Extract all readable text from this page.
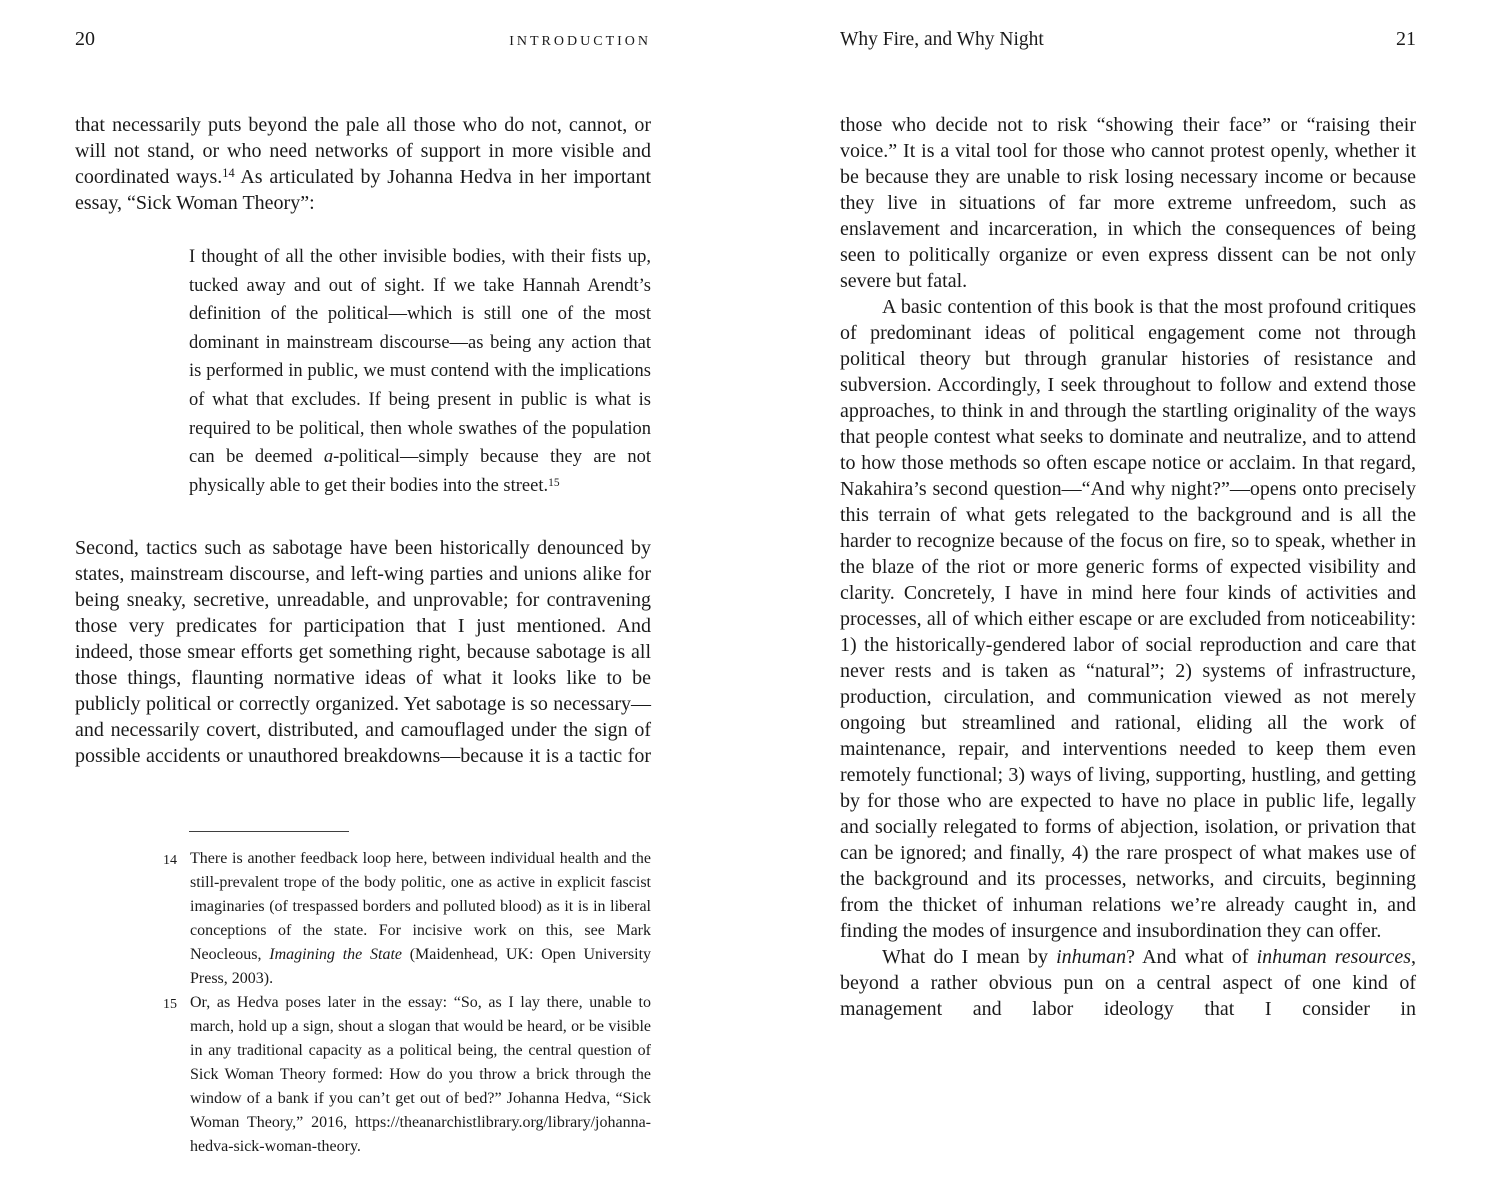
20	INTRODUCTION

that necessarily puts beyond the pale all those who do not, cannot, or will not stand, or who need networks of support in more visible and coordinated ways.$^{14}$ As articulated by Johanna Hedva in her important essay, “Sick Woman Theory”:

I thought of all the other invisible bodies, with their fists up, tucked away and out of sight. If we take Hannah Arendt’s definition of the political—which is still one of the most dominant in mainstream discourse—as being any action that is performed in public, we must contend with the implications of what that excludes. If being present in public is what is required to be political, then whole swathes of the population can be deemed a-political—simply because they are not physically able to get their bodies into the street.$^{15}$

Second, tactics such as sabotage have been historically denounced by states, mainstream discourse, and left-wing parties and unions alike for being sneaky, secretive, unreadable, and unprovable; for contravening those very predicates for participation that I just mentioned. And indeed, those smear efforts get something right, because sabotage is all those things, flaunting normative ideas of what it looks like to be publicly political or correctly organized. Yet sabotage is so necessary—and necessarily covert, distributed, and camouflaged under the sign of possible accidents or unauthored breakdowns—because it is a tactic for

14 There is another feedback loop here, between individual health and the still-prevalent trope of the body politic, one as active in explicit fascist imaginaries (of trespassed borders and polluted blood) as it is in liberal conceptions of the state. For incisive work on this, see Mark Neocleous, Imagining the State (Maidenhead, UK: Open University Press, 2003).
15 Or, as Hedva poses later in the essay: “So, as I lay there, unable to march, hold up a sign, shout a slogan that would be heard, or be visible in any traditional capacity as a political being, the central question of Sick Woman Theory formed: How do you throw a brick through the window of a bank if you can’t get out of bed?” Johanna Hedva, “Sick Woman Theory,” 2016, https://theanarchistlibrary.org/library/johanna-hedva-sick-woman-theory.
Why Fire, and Why Night	21

those who decide not to risk “showing their face” or “raising their voice.” It is a vital tool for those who cannot protest openly, whether it be because they are unable to risk losing necessary income or because they live in situations of far more extreme unfreedom, such as enslavement and incarceration, in which the consequences of being seen to politically organize or even express dissent can be not only severe but fatal.

A basic contention of this book is that the most profound critiques of predominant ideas of political engagement come not through political theory but through granular histories of resistance and subversion. Accordingly, I seek throughout to follow and extend those approaches, to think in and through the startling originality of the ways that people contest what seeks to dominate and neutralize, and to attend to how those methods so often escape notice or acclaim. In that regard, Nakahira’s second question—“And why night?”—opens onto precisely this terrain of what gets relegated to the background and is all the harder to recognize because of the focus on fire, so to speak, whether in the blaze of the riot or more generic forms of expected visibility and clarity. Concretely, I have in mind here four kinds of activities and processes, all of which either escape or are excluded from noticeability: 1) the historically-gendered labor of social reproduction and care that never rests and is taken as “natural”; 2) systems of infrastructure, production, circulation, and communication viewed as not merely ongoing but streamlined and rational, eliding all the work of maintenance, repair, and interventions needed to keep them even remotely functional; 3) ways of living, supporting, hustling, and getting by for those who are expected to have no place in public life, legally and socially relegated to forms of abjection, isolation, or privation that can be ignored; and finally, 4) the rare prospect of what makes use of the background and its processes, networks, and circuits, beginning from the thicket of inhuman relations we’re already caught in, and finding the modes of insurgence and insubordination they can offer.

What do I mean by inhuman? And what of inhuman resources, beyond a rather obvious pun on a central aspect of one kind of management and labor ideology that I consider in
